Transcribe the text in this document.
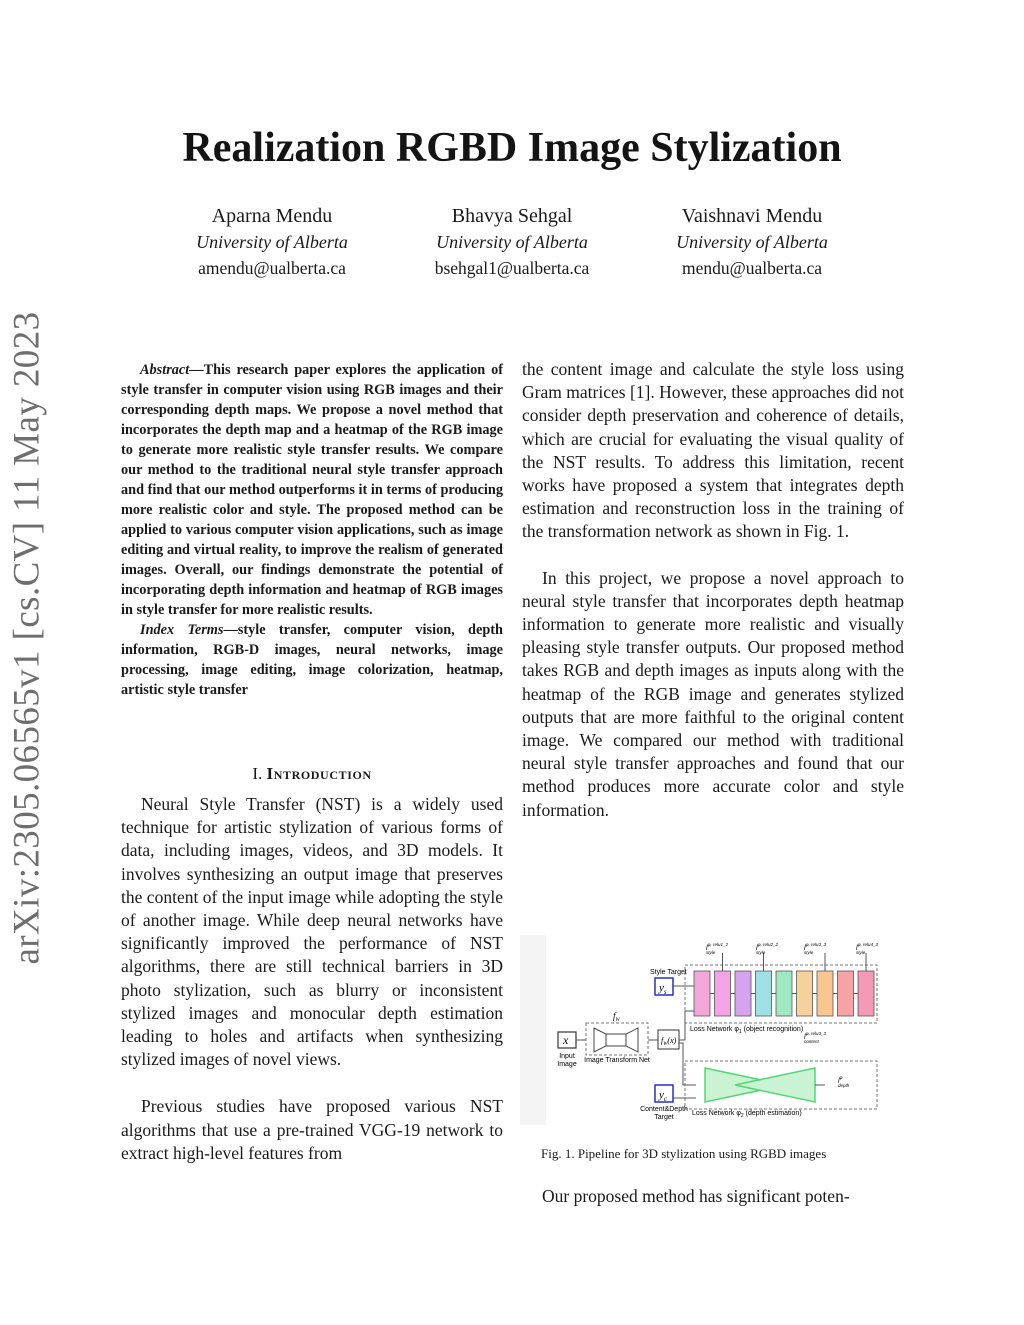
arXiv:2305.06565v1 [cs.CV] 11 May 2023
Realization RGBD Image Stylization
Aparna Mendu
University of Alberta
amendu@ualberta.ca
Bhavya Sehgal
University of Alberta
bsehgal1@ualberta.ca
Vaishnavi Mendu
University of Alberta
mendu@ualberta.ca

Abstract—This research paper explores the application of style transfer in computer vision using RGB images and their corresponding depth maps. We propose a novel method that incorporates the depth map and a heatmap of the RGB image to generate more realistic style transfer results. We compare our method to the traditional neural style transfer approach and find that our method outperforms it in terms of producing more realistic color and style. The proposed method can be applied to various computer vision applications, such as image editing and virtual reality, to improve the realism of generated images. Overall, our findings demonstrate the potential of incorporating depth information and heatmap of RGB images in style transfer for more realistic results.

Index Terms—style transfer, computer vision, depth information, RGB-D images, neural networks, image processing, image editing, image colorization, heatmap, artistic style transfer

I. Introduction

Neural Style Transfer (NST) is a widely used technique for artistic stylization of various forms of data, including images, videos, and 3D models. It involves synthesizing an output image that preserves the content of the input image while adopting the style of another image. While deep neural networks have significantly improved the performance of NST algorithms, there are still technical barriers in 3D photo stylization, such as blurry or inconsistent stylized images and monocular depth estimation leading to holes and artifacts when synthesizing stylized images of novel views.

Previous studies have proposed various NST algorithms that use a pre-trained VGG-19 network to extract high-level features from

the content image and calculate the style loss using Gram matrices [1]. However, these approaches did not consider depth preservation and coherence of details, which are crucial for evaluating the visual quality of the NST results. To address this limitation, recent works have proposed a system that integrates depth estimation and reconstruction loss in the training of the transformation network as shown in Fig. 1.

In this project, we propose a novel approach to neural style transfer that incorporates depth heatmap information to generate more realistic and visually pleasing style transfer outputs. Our proposed method takes RGB and depth images as inputs along with the heatmap of the RGB image and generates stylized outputs that are more faithful to the original content image. We compared our method with traditional neural style transfer approaches and found that our method produces more accurate color and style information.

Style Target
$y_s$
Loss Network $\varphi_1$ (object recognition)
$l^{\varphi, relu1\_2}$ style
$l^{\varphi, relu2\_2}$ style
$l^{\varphi, relu3\_3}$ style
$l^{\varphi, relu4\_3}$ style
x
Input Image
$f_W$
Image Transform Net
$f_W(x)$	$l^{\varphi, relu3\_3}$ content
$l^\varphi$ depth
Loss Network $\varphi_2$ (depth estimation)
$y_c$
Content&Depth Target
Fig. 1. Pipeline for 3D stylization using RGBD images
Our proposed method has significant poten-
